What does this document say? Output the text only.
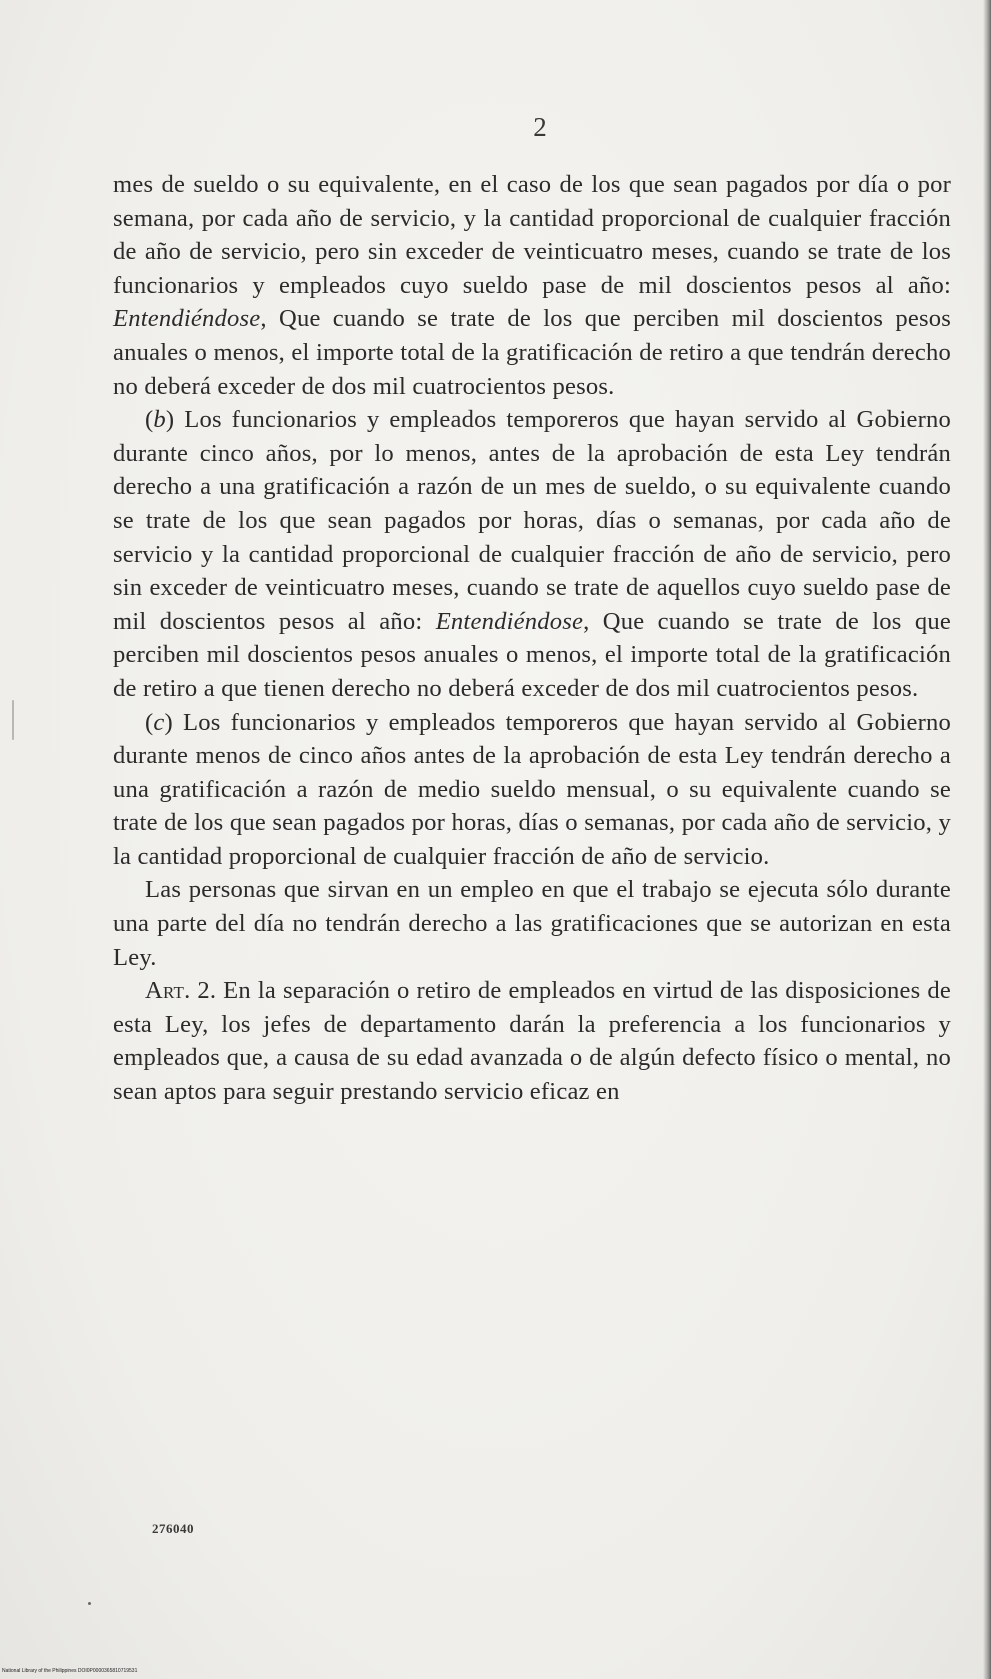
2

mes de sueldo o su equivalente, en el caso de los que sean pagados por día o por semana, por cada año de servicio, y la cantidad proporcional de cualquier fracción de año de servicio, pero sin exceder de veinticuatro meses, cuando se trate de los funcionarios y empleados cuyo sueldo pase de mil doscientos pesos al año: Entendiéndose, Que cuando se trate de los que perciben mil doscientos pesos anuales o menos, el importe total de la gratificación de retiro a que tendrán derecho no deberá exceder de dos mil cuatrocientos pesos.

(b) Los funcionarios y empleados temporeros que hayan servido al Gobierno durante cinco años, por lo menos, antes de la aprobación de esta Ley tendrán derecho a una gratificación a razón de un mes de sueldo, o su equivalente cuando se trate de los que sean pagados por horas, días o semanas, por cada año de servicio y la cantidad proporcional de cualquier fracción de año de servicio, pero sin exceder de veinticuatro meses, cuando se trate de aquellos cuyo sueldo pase de mil doscientos pesos al año: Entendiéndose, Que cuando se trate de los que perciben mil doscientos pesos anuales o menos, el importe total de la gratificación de retiro a que tienen derecho no deberá exceder de dos mil cuatrocientos pesos.

(c) Los funcionarios y empleados temporeros que hayan servido al Gobierno durante menos de cinco años antes de la aprobación de esta Ley tendrán derecho a una gratificación a razón de medio sueldo mensual, o su equivalente cuando se trate de los que sean pagados por horas, días o semanas, por cada año de servicio, y la cantidad proporcional de cualquier fracción de año de servicio.

Las personas que sirvan en un empleo en que el trabajo se ejecuta sólo durante una parte del día no tendrán derecho a las gratificaciones que se autorizan en esta Ley.

Art. 2. En la separación o retiro de empleados en virtud de las disposiciones de esta Ley, los jefes de departamento darán la preferencia a los funcionarios y empleados que, a causa de su edad avanzada o de algún defecto físico o mental, no sean aptos para seguir prestando servicio eficaz en

276040
National Library of the Philippines DOI0P0000365810719531
